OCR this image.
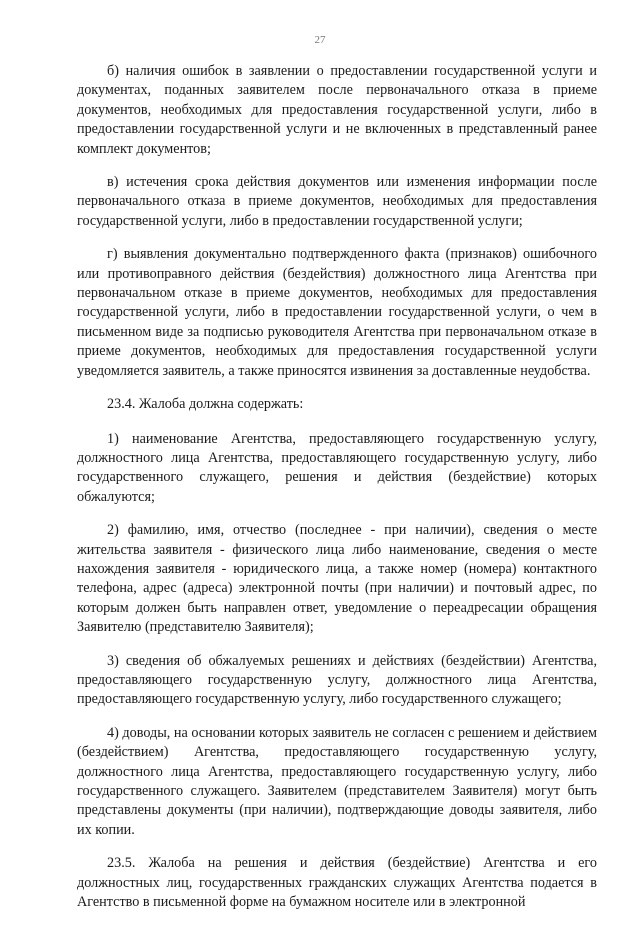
27

б) наличия ошибок в заявлении о предоставлении государственной услуги и документах, поданных заявителем после первоначального отказа в приеме документов, необходимых для предоставления государственной услуги, либо в предоставлении государственной услуги и не включенных в представленный ранее комплект документов;

в) истечения срока действия документов или изменения информации после первоначального отказа в приеме документов, необходимых для предоставления государственной услуги, либо в предоставлении государственной услуги;

г) выявления документально подтвержденного факта (признаков) ошибочного или противоправного действия (бездействия) должностного лица Агентства при первоначальном отказе в приеме документов, необходимых для предоставления государственной услуги, либо в предоставлении государственной услуги, о чем в письменном виде за подписью руководителя Агентства при первоначальном отказе в приеме документов, необходимых для предоставления государственной услуги уведомляется заявитель, а также приносятся извинения за доставленные неудобства.

23.4. Жалоба должна содержать:

1) наименование Агентства, предоставляющего государственную услугу, должностного лица Агентства, предоставляющего государственную услугу, либо государственного служащего, решения и действия (бездействие) которых обжалуются;

2) фамилию, имя, отчество (последнее - при наличии), сведения о месте жительства заявителя - физического лица либо наименование, сведения о месте нахождения заявителя - юридического лица, а также номер (номера) контактного телефона, адрес (адреса) электронной почты (при наличии) и почтовый адрес, по которым должен быть направлен ответ, уведомление о переадресации обращения Заявителю (представителю Заявителя);

3) сведения об обжалуемых решениях и действиях (бездействии) Агентства, предоставляющего государственную услугу, должностного лица Агентства, предоставляющего государственную услугу, либо государственного служащего;

4) доводы, на основании которых заявитель не согласен с решением и действием (бездействием) Агентства, предоставляющего государственную услугу, должностного лица Агентства, предоставляющего государственную услугу, либо государственного служащего. Заявителем (представителем Заявителя) могут быть представлены документы (при наличии), подтверждающие доводы заявителя, либо их копии.

23.5. Жалоба на решения и действия (бездействие) Агентства и его должностных лиц, государственных гражданских служащих Агентства подается в Агентство в письменной форме на бумажном носителе или в электронной
